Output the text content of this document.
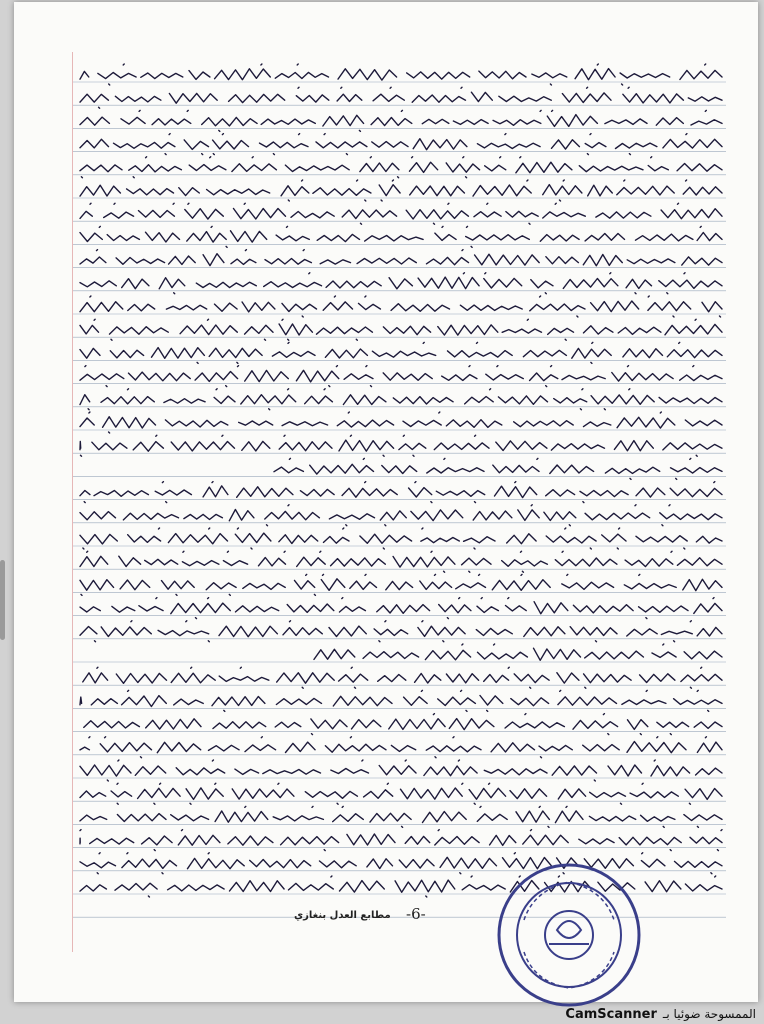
-6-
مطابع العدل بنغازي
CamScanner الممسوحة ضوئيا بـ
